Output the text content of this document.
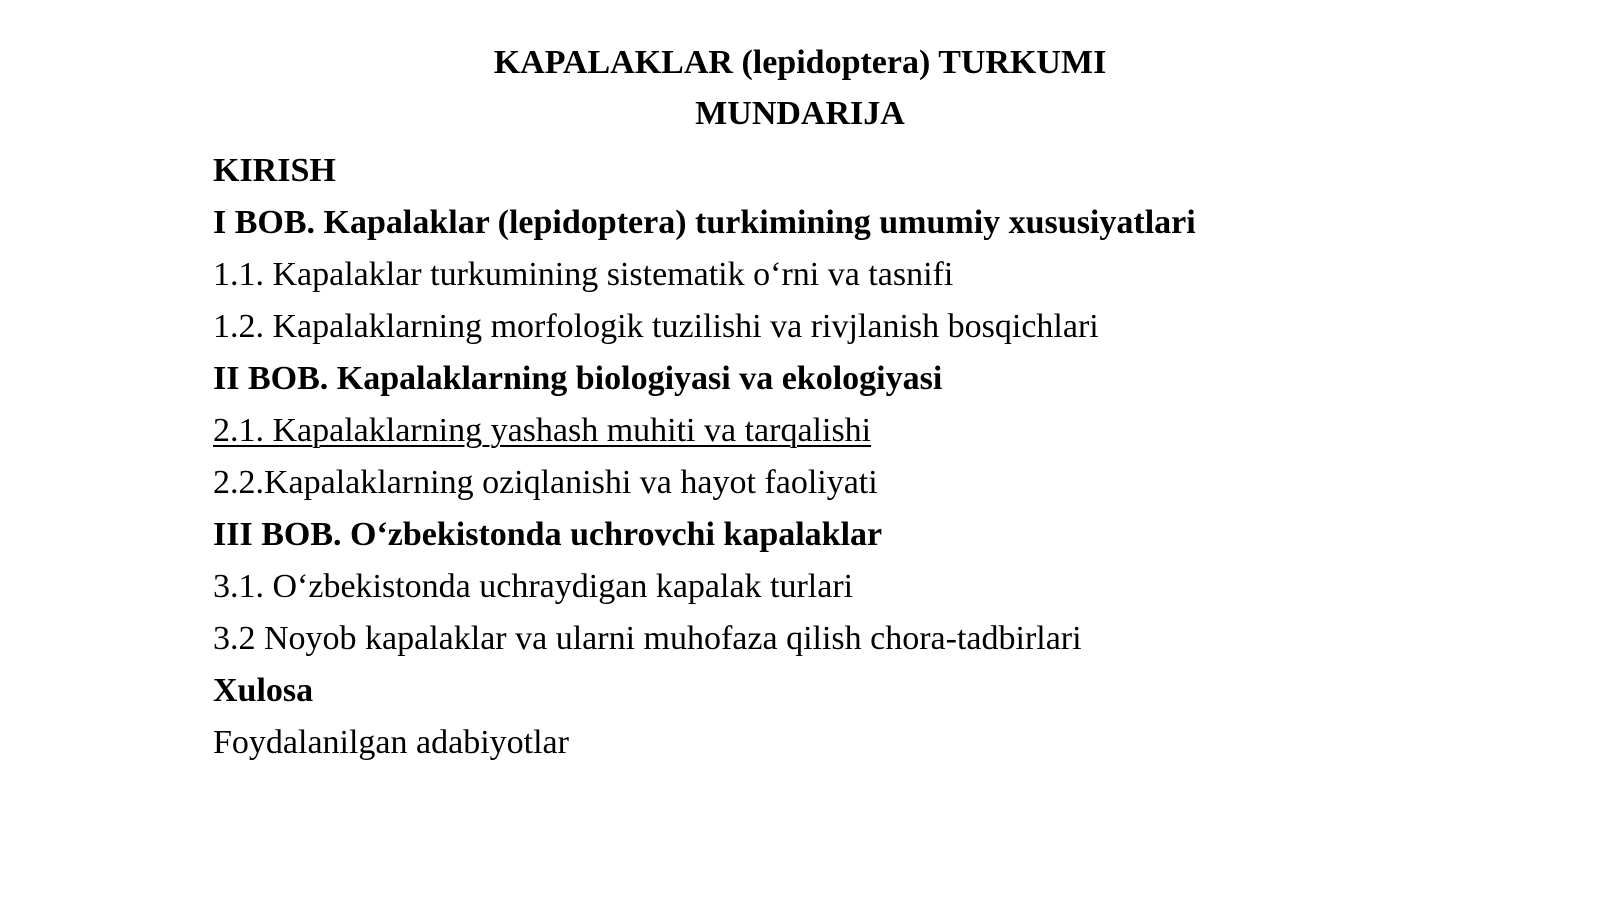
KAPALAKLAR (lepidoptera) TURKUMI
MUNDARIJA
KIRISH
I BOB. Kapalaklar (lepidoptera) turkimining umumiy xususiyatlari
1.1. Kapalaklar turkumining sistematik o‘rni va tasnifi
1.2. Kapalaklarning morfologik tuzilishi va rivjlanish bosqichlari
II BOB. Kapalaklarning biologiyasi va ekologiyasi
2.1. Kapalaklarning yashash muhiti va tarqalishi
2.2.Kapalaklarning oziqlanishi va hayot faoliyati
III BOB. O‘zbekistonda uchrovchi kapalaklar
3.1. O‘zbekistonda uchraydigan kapalak turlari
3.2 Noyob kapalaklar va ularni muhofaza qilish chora-tadbirlari
Xulosa
Foydalanilgan adabiyotlar
